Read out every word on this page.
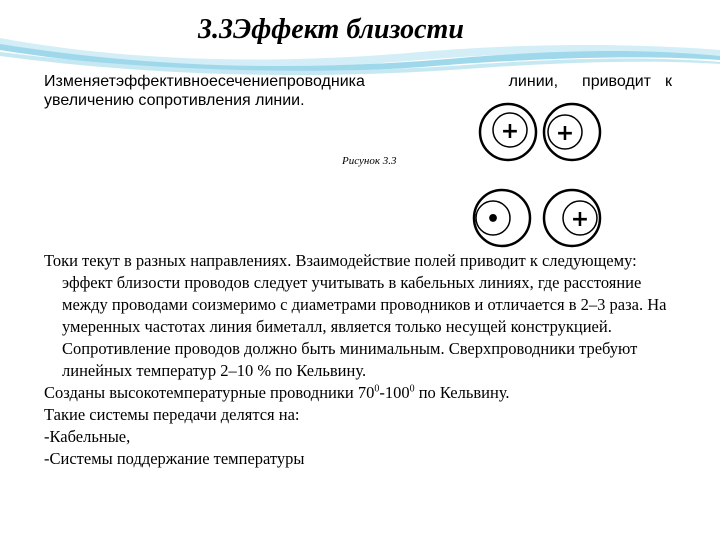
3.3Эффект близости
Изменяет эффективное сечение проводника	линии, приводит к
увеличению сопротивления линии.
Рисунок 3.3
+ +
•	+

Токи текут в разных направлениях. Взаимодействие полей приводит к следующему: эффект близости проводов следует учитывать в кабельных линиях, где расстояние между проводами соизмеримо с диаметрами проводников и отличается в 2–3 раза. На умеренных частотах линия биметалл, является только несущей конструкцией. Сопротивление проводов должно быть минимальным. Сверхпроводники требуют линейных температур 2–10 % по Кельвину.

Созданы высокотемпературные проводники $70^0-100^0$ по Кельвину.

Такие системы передачи делятся на:

-Кабельные,

-Системы поддержание температуры
